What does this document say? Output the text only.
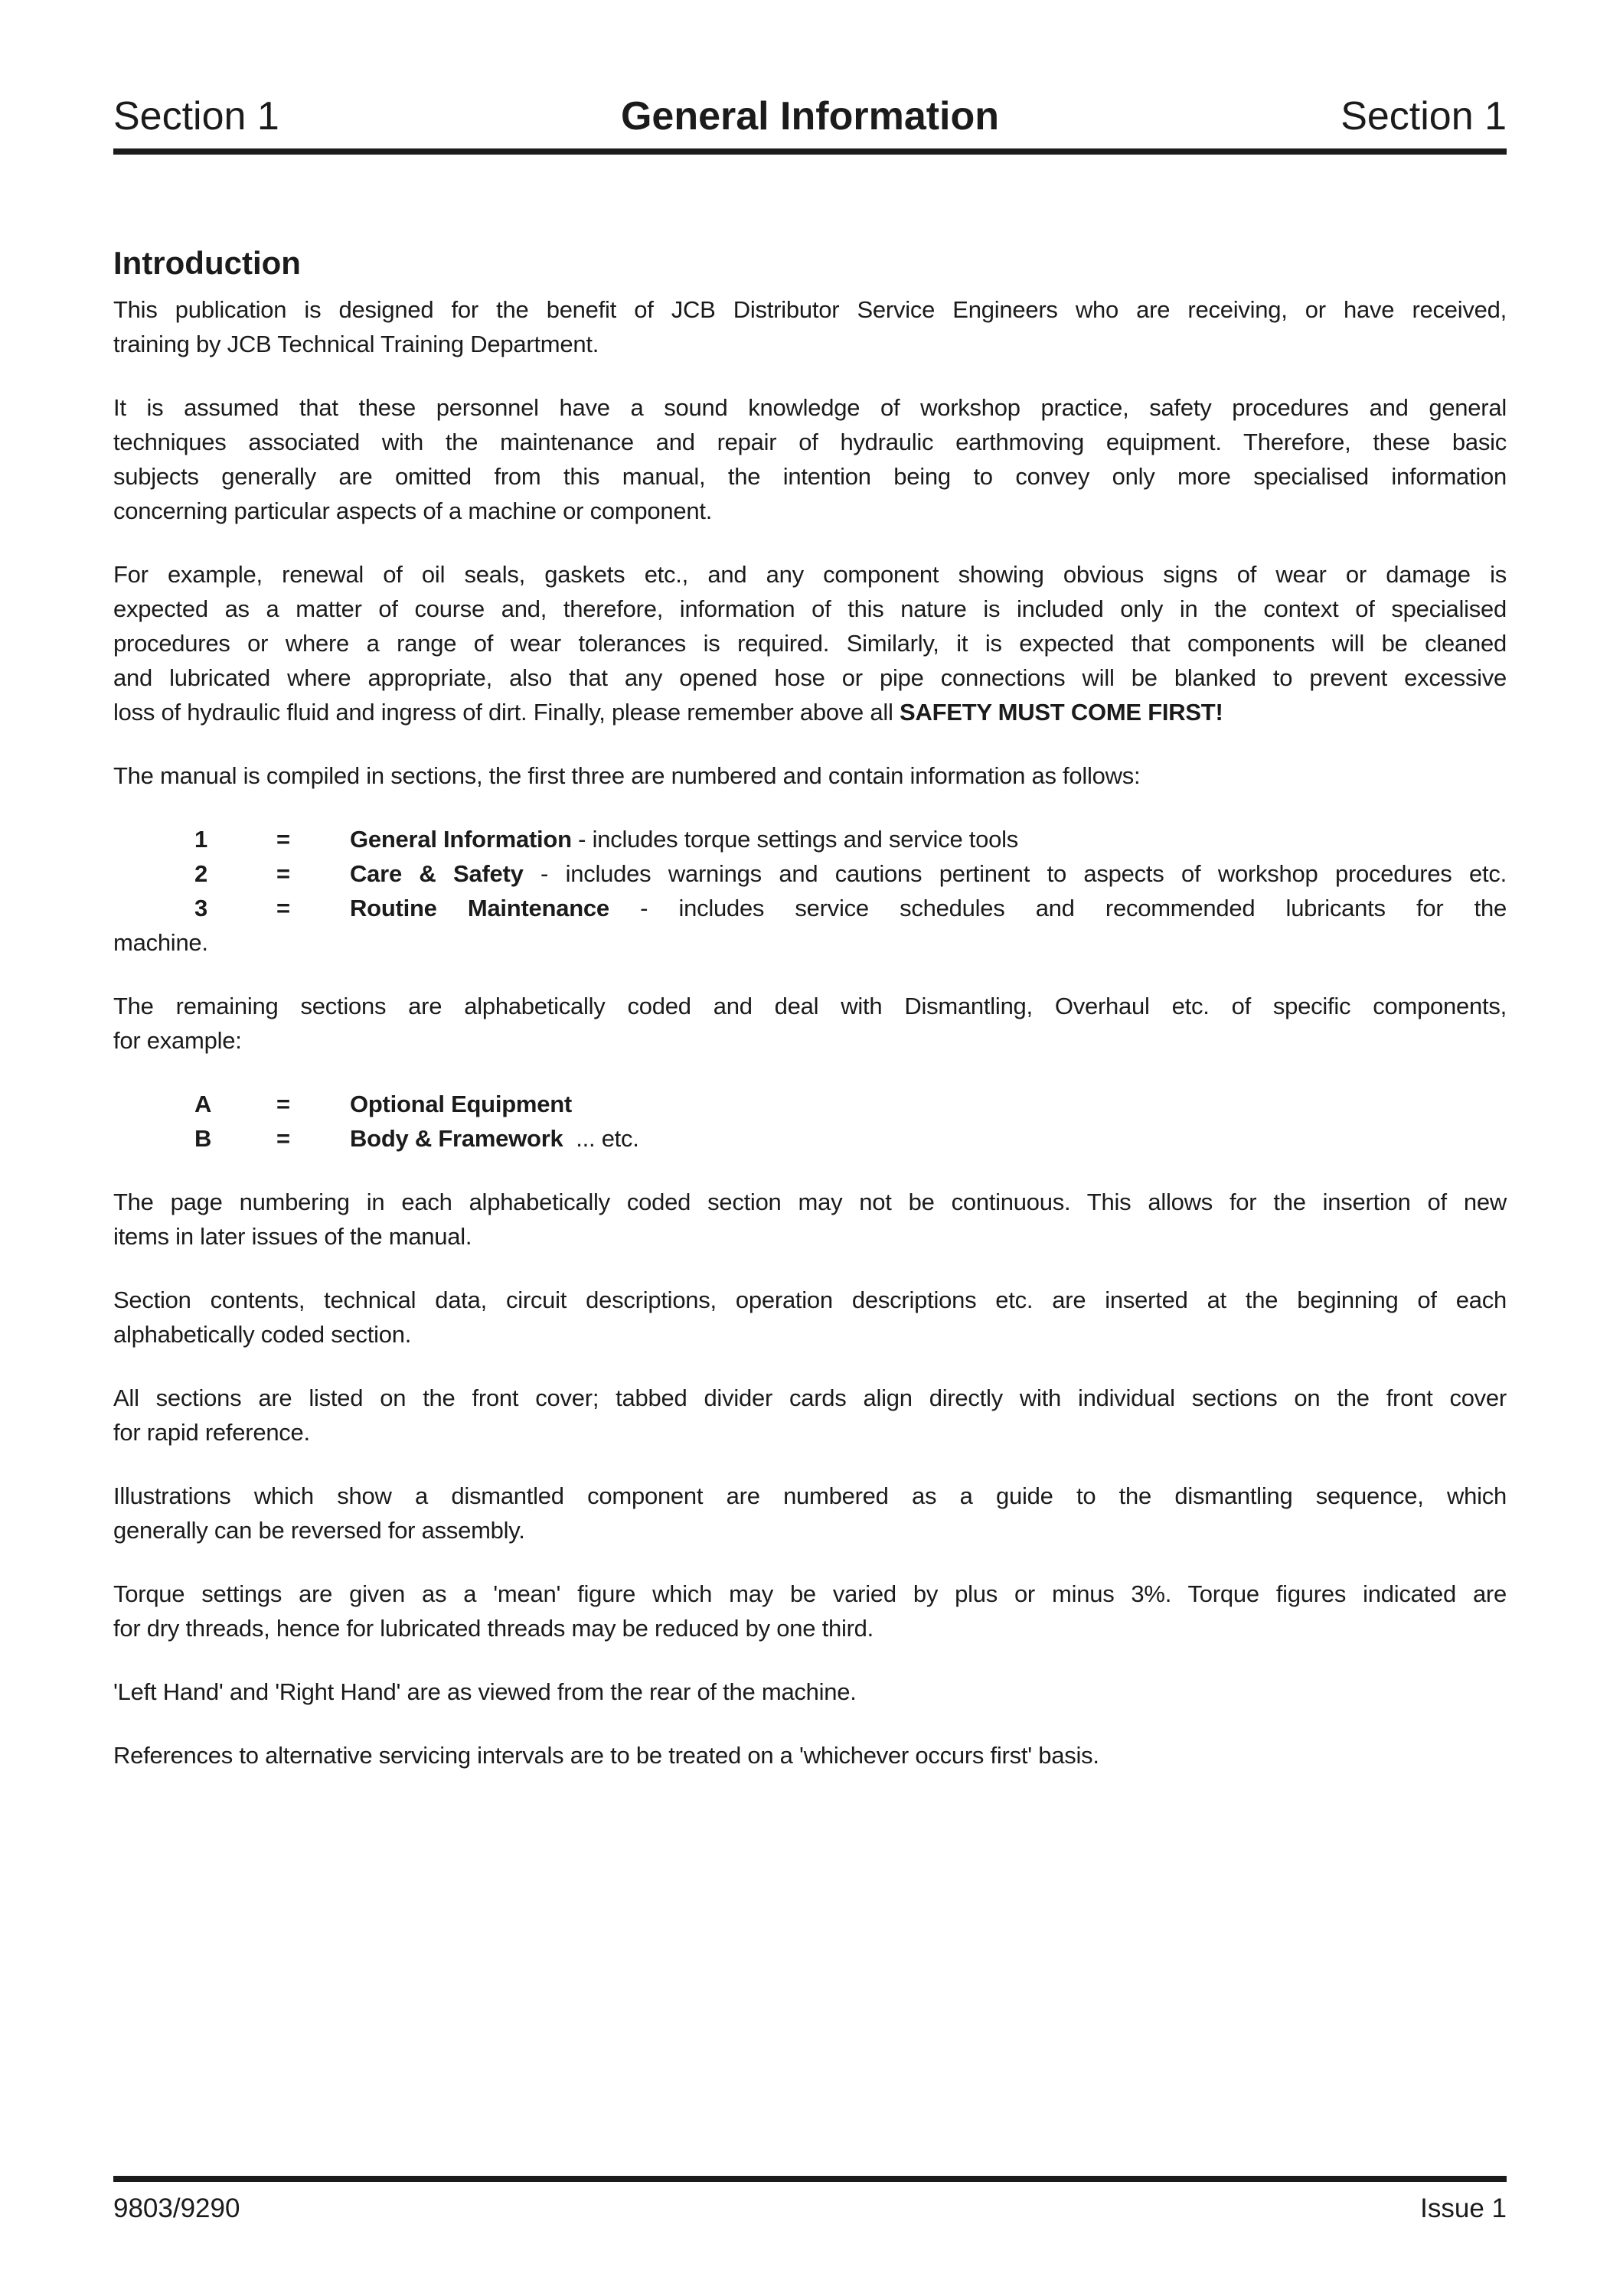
Section 1	General Information	Section 1
Introduction
This publication is designed for the benefit of JCB Distributor Service Engineers who are receiving, or have received,
training by JCB Technical Training Department.
It is assumed that these personnel have a sound knowledge of workshop practice, safety procedures and general
techniques associated with the maintenance and repair of hydraulic earthmoving equipment. Therefore, these basic
subjects generally are omitted from this manual, the intention being to convey only more specialised information
concerning particular aspects of a machine or component.
For example, renewal of oil seals, gaskets etc., and any component showing obvious signs of wear or damage is
expected as a matter of course and, therefore, information of this nature is included only in the context of specialised
procedures or where a range of wear tolerances is required. Similarly, it is expected that components will be cleaned
and lubricated where appropriate, also that any opened hose or pipe connections will be blanked to prevent excessive
loss of hydraulic fluid and ingress of dirt. Finally, please remember above all SAFETY MUST COME FIRST!
The manual is compiled in sections, the first three are numbered and contain information as follows:
1	=	General Information - includes torque settings and service tools
2	=	Care & Safety - includes warnings and cautions pertinent to aspects of workshop procedures etc.
3	=	Routine Maintenance - includes service schedules and recommended lubricants for the
machine.
The remaining sections are alphabetically coded and deal with Dismantling, Overhaul etc. of specific components,
for example:
A	=	Optional Equipment
B	=	Body & Framework  ... etc.
The page numbering in each alphabetically coded section may not be continuous. This allows for the insertion of new
items in later issues of the manual.
Section contents, technical data, circuit descriptions, operation descriptions etc. are inserted at the beginning of each
alphabetically coded section.
All sections are listed on the front cover; tabbed divider cards align directly with individual sections on the front cover
for rapid reference.
Illustrations which show a dismantled component are numbered as a guide to the dismantling sequence, which
generally can be reversed for assembly.
Torque settings are given as a 'mean' figure which may be varied by plus or minus 3%. Torque figures indicated are
for dry threads, hence for lubricated threads may be reduced by one third.
'Left Hand' and 'Right Hand' are as viewed from the rear of the machine.
References to alternative servicing intervals are to be treated on a 'whichever occurs first' basis.
9803/9290	Issue 1
